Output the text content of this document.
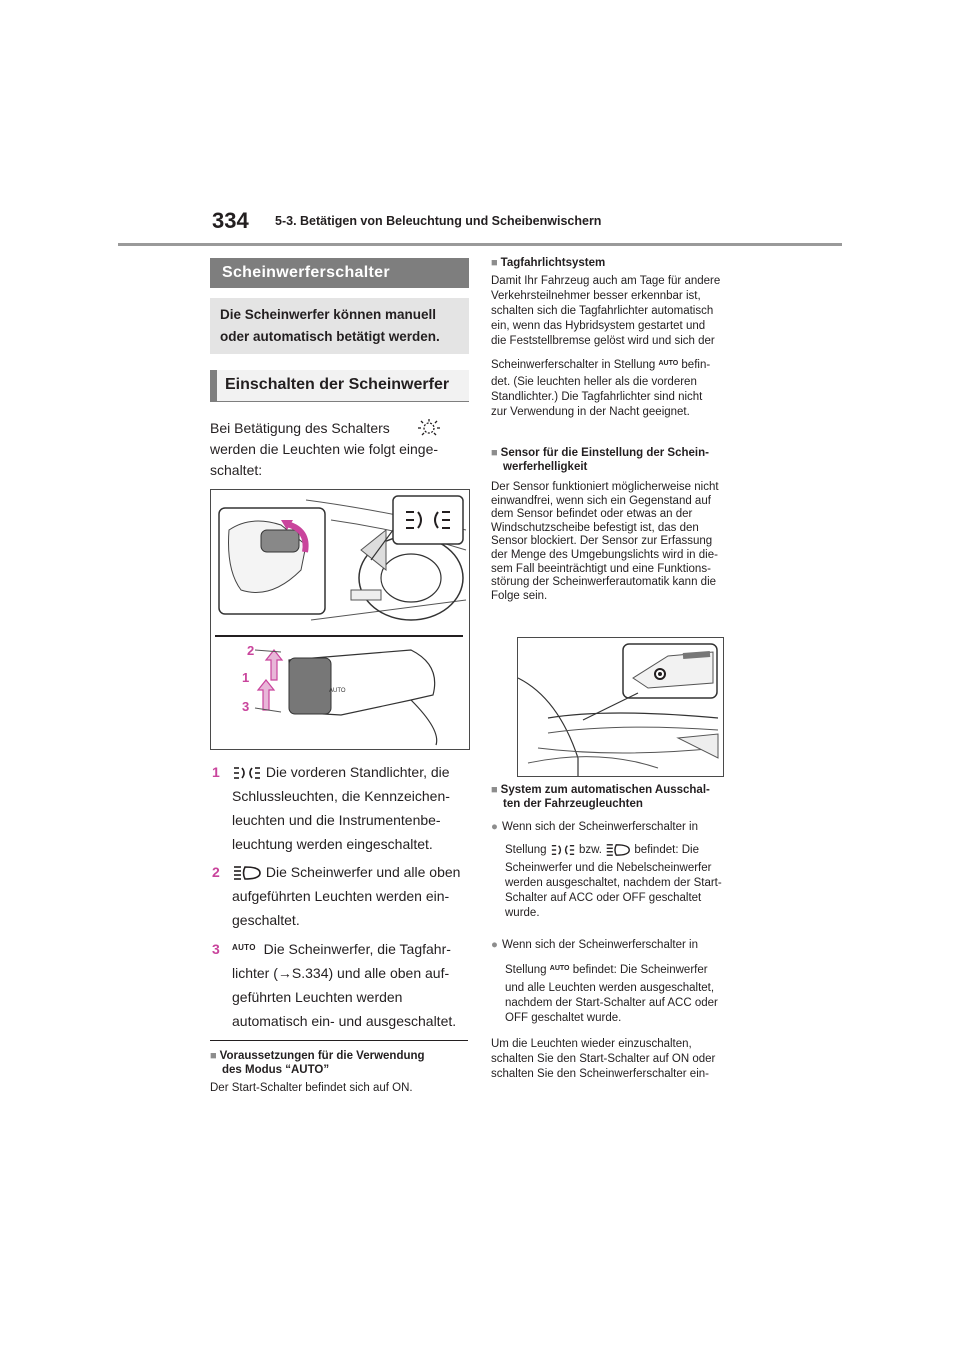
334 5-3. Betätigen von Beleuchtung und Scheibenwischern
Scheinwerferschalter
Die Scheinwerfer können manuell
oder automatisch betätigt werden.
Einschalten der Scheinwerfer
Bei Betätigung des Schalters
werden die Leuchten wie folgt einge-
schaltet:
AUTO
2
1
3
1	Die vorderen Standlichter, die
Schlussleuchten, die Kennzeichen-
leuchten und die Instrumentenbe-
leuchtung werden eingeschaltet.
2	Die Scheinwerfer und alle oben
aufgeführten Leuchten werden ein-
geschaltet.
3 $^{AUTO}$ Die Scheinwerfer, die Tagfahr-
lichter (→S.334) und alle oben auf-
geführten Leuchten werden
automatisch ein- und ausgeschaltet.
■ Voraussetzungen für die Verwendung
des Modus “AUTO”
Der Start-Schalter befindet sich auf ON.
■ Tagfahrlichtsystem
Damit Ihr Fahrzeug auch am Tage für andere
Verkehrsteilnehmer besser erkennbar ist,
schalten sich die Tagfahrlichter automatisch
ein, wenn das Hybridsystem gestartet und
die Feststellbremse gelöst wird und sich der
Scheinwerferschalter in Stellung $^{AUTO}$ befin-
det. (Sie leuchten heller als die vorderen
Standlichter.) Die Tagfahrlichter sind nicht
zur Verwendung in der Nacht geeignet.
■ Sensor für die Einstellung der Schein-
werferhelligkeit
Der Sensor funktioniert möglicherweise nicht
einwandfrei, wenn sich ein Gegenstand auf
dem Sensor befindet oder etwas an der
Windschutzscheibe befestigt ist, das den
Sensor blockiert. Der Sensor zur Erfassung
der Menge des Umgebungslichts wird in die-
sem Fall beeinträchtigt und eine Funktions-
störung der Scheinwerferautomatik kann die
Folge sein.
■ System zum automatischen Ausschal-
ten der Fahrzeugleuchten
● Wenn sich der Scheinwerferschalter in
Stellung	bzw.	befindet: Die
Scheinwerfer und die Nebelscheinwerfer
werden ausgeschaltet, nachdem der Start-
Schalter auf ACC oder OFF geschaltet
wurde.
● Wenn sich der Scheinwerferschalter in
Stellung $^{AUTO}$ befindet: Die Scheinwerfer
und alle Leuchten werden ausgeschaltet,
nachdem der Start-Schalter auf ACC oder
OFF geschaltet wurde.
Um die Leuchten wieder einzuschalten,
schalten Sie den Start-Schalter auf ON oder
schalten Sie den Scheinwerferschalter ein-
